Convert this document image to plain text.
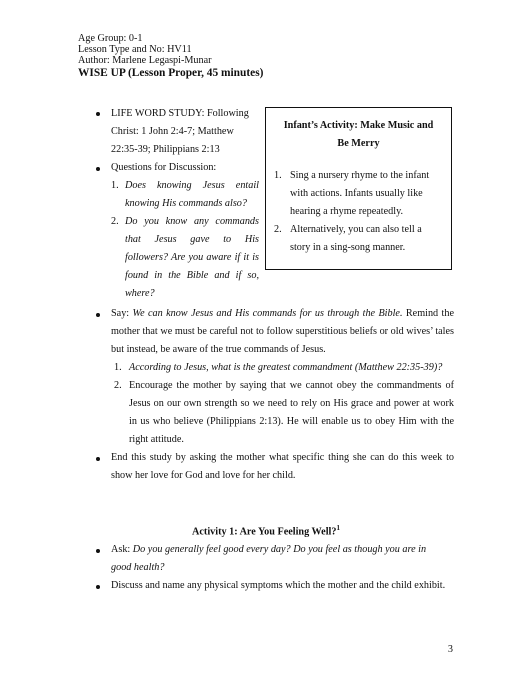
Age Group: 0-1
Lesson Type and No: HV11
Author: Marlene Legaspi-Munar
WISE UP (Lesson Proper, 45 minutes)
LIFE WORD STUDY: Following
Christ: 1 John 2:4-7; Matthew
22:35-39; Philippians 2:13
Questions for Discussion:
1. Does knowing Jesus entail
knowing His commands also?
2. Do you know any commands
that Jesus gave to His
followers? Are you aware if it is
found in the Bible and if so,
where?
Infant’s Activity: Make Music and
Be Merry
1. Sing a nursery rhyme to the infant
with actions. Infants usually like
hearing a rhyme repeatedly.
2. Alternatively, you can also tell a
story in a sing-song manner.
Say: We can know Jesus and His commands for us through the Bible. Remind the
mother that we must be careful not to follow superstitious beliefs or old wives’ tales
but instead, be aware of the true commands of Jesus.
1. According to Jesus, what is the greatest commandment (Matthew 22:35-39)?
2. Encourage the mother by saying that we cannot obey the commandments of
Jesus on our own strength so we need to rely on His grace and power at work
in us who believe (Philippians 2:13). He will enable us to obey Him with the
right attitude.
End this study by asking the mother what specific thing she can do this week to
show her love for God and love for her child.
Activity 1: Are You Feeling Well?$^1$
Ask: Do you generally feel good every day? Do you feel as though you are in
good health?
Discuss and name any physical symptoms which the mother and the child exhibit.
3
